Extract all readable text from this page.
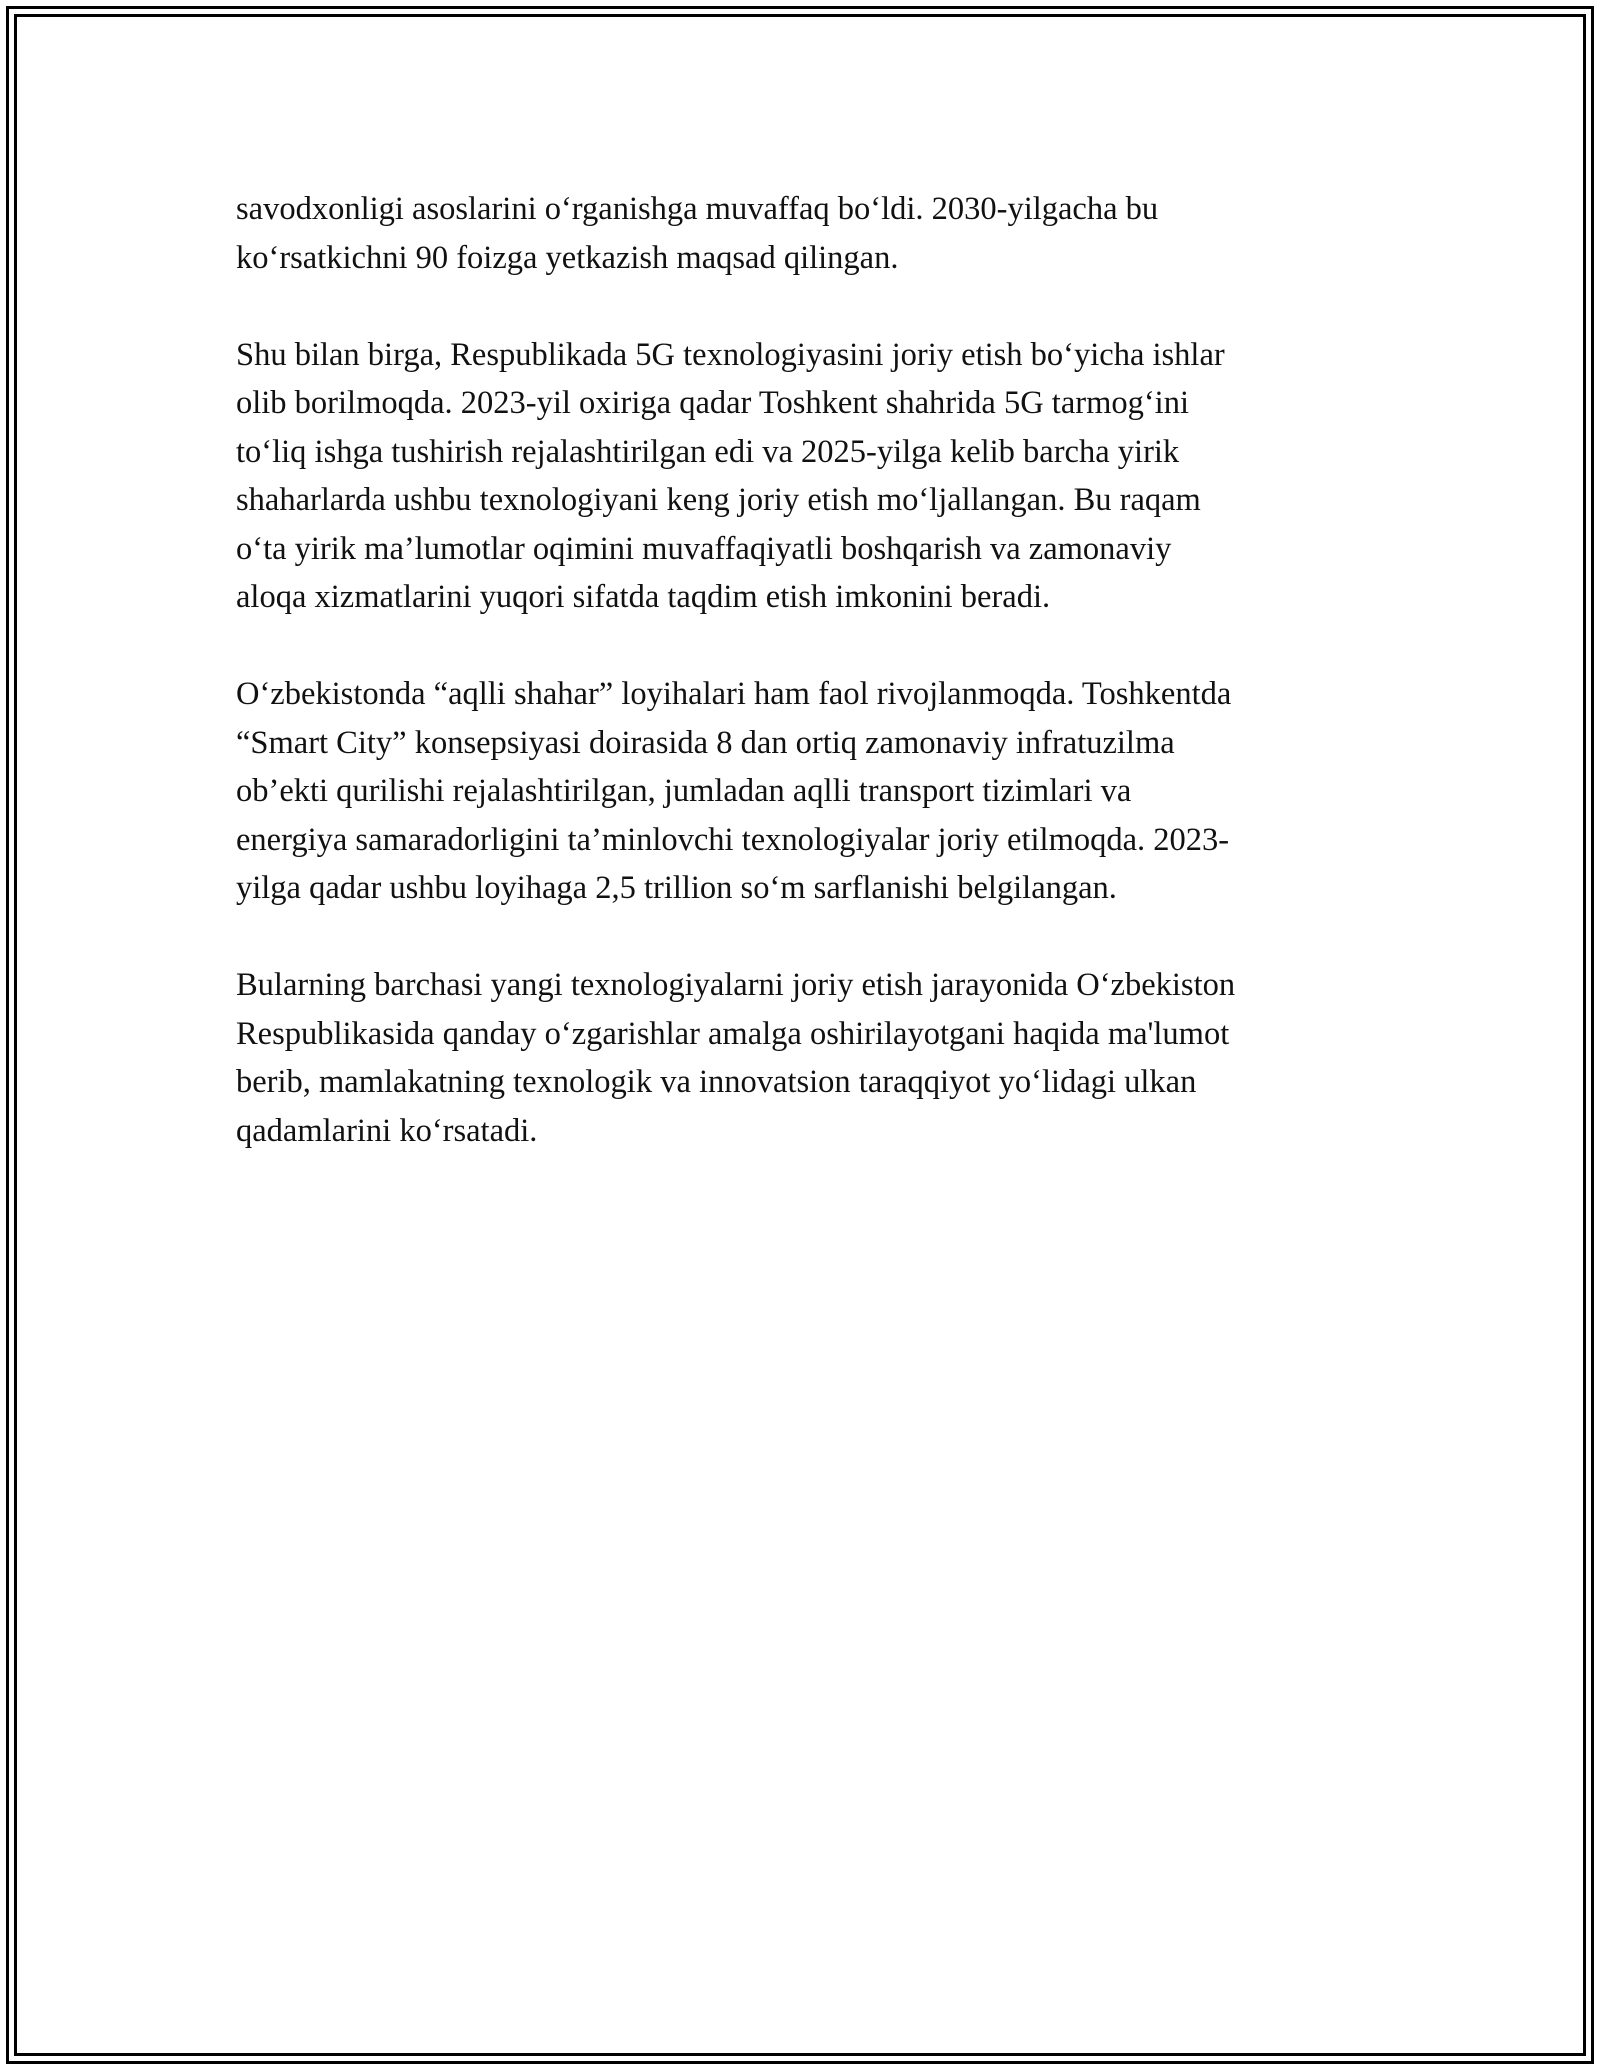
savodxonligi asoslarini o‘rganishga muvaffaq bo‘ldi. 2030-yilgacha bu
ko‘rsatkichni 90 foizga yetkazish maqsad qilingan.

Shu bilan birga, Respublikada 5G texnologiyasini joriy etish bo‘yicha ishlar
olib borilmoqda. 2023-yil oxiriga qadar Toshkent shahrida 5G tarmog‘ini
to‘liq ishga tushirish rejalashtirilgan edi va 2025-yilga kelib barcha yirik
shaharlarda ushbu texnologiyani keng joriy etish mo‘ljallangan. Bu raqam
o‘ta yirik ma’lumotlar oqimini muvaffaqiyatli boshqarish va zamonaviy
aloqa xizmatlarini yuqori sifatda taqdim etish imkonini beradi.

O‘zbekistonda “aqlli shahar” loyihalari ham faol rivojlanmoqda. Toshkentda
“Smart City” konsepsiyasi doirasida 8 dan ortiq zamonaviy infratuzilma
ob’ekti qurilishi rejalashtirilgan, jumladan aqlli transport tizimlari va
energiya samaradorligini ta’minlovchi texnologiyalar joriy etilmoqda. 2023-
yilga qadar ushbu loyihaga 2,5 trillion so‘m sarflanishi belgilangan.

Bularning barchasi yangi texnologiyalarni joriy etish jarayonida O‘zbekiston
Respublikasida qanday o‘zgarishlar amalga oshirilayotgani haqida ma'lumot
berib, mamlakatning texnologik va innovatsion taraqqiyot yo‘lidagi ulkan
qadamlarini ko‘rsatadi.
